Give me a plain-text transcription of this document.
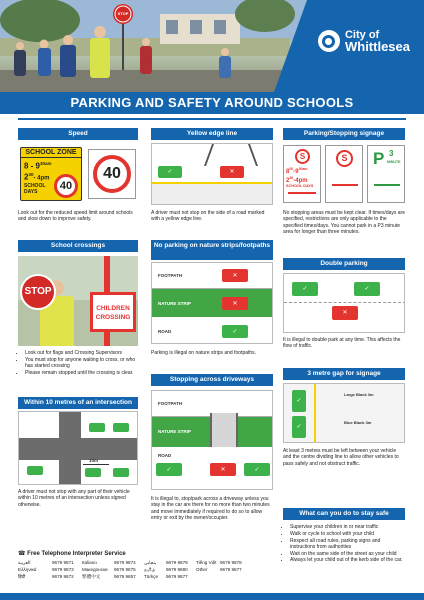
STOP
City of
Whittlesea
PARKING AND SAFETY AROUND SCHOOLS
Speed
SCHOOL ZONE
$8 - 9^{30am}$
$2^{30}-$ 4pm
SCHOOL DAYS	40
40
Look out for the reduced speed limit around schools and slow down to improve safety.
School crossings
STOP
CHILDREN
CROSSING
• Look out for flags and Crossing Supervisors
• You must stop for anyone waiting to cross, or who has started crossing
• Please remain stopped until the crossing is clear.
Within 10 metres of an intersection
10m
A driver must not stop with any part of their vehicle within 10 metres of an intersection unless signed otherwise.
Yellow edge line
✓	✕
A driver must not stop on the side of a road marked with a yellow edge line.
No parking on nature strips/footpaths
FOOTPATH
NATURE STRIP
ROAD
✕
✕
✓
Parking is illegal on nature strips and footpaths.
Stopping across driveways
FOOTPATH
NATURE STRIP
ROAD
✓	✕	✓
It is illegal to, stop/park across a driveway unless you stay in the car are there for no more than two minutes and move immediately if required to do so to allow entry or exit by the owner/occupier.
Parking/Stopping signage
S
$8^{00}-9^{30am}$
$2^{30}-4pm$
SCHOOL DAYS
S	P 3
MINUTE
No stopping areas must be kept clear. If times/days are specified, restrictions are only applicable to the specified times/days. You cannot park in a P3 minute area for longer than three minutes.
Double parking
✓	✓
✕
It is illegal to double park at any time. This affects the flow of traffic.
3 metre gap for signage
✓
✓
Large Black 3m
Blue Black 3m
At least 3 metres must be left between your vehicle and the centre dividing line to allow other vehicles to pass safely and not obstruct traffic.
What can you do to stay safe
• Supervise your children in or near traffic
• Walk or cycle to school with your child
• Respect all road rules, parking signs and instructions from authorities
• Wait on the same side of the street as your child
• Always let your child out of the kerb side of the car.
☎ Free Telephone Interpreter Service
العربية	9679 9871	Italiano	9679 9874	پنجابی	9679 9879	Tiếng Việt	9679 9878
Ελληνικά	9679 9873	Македонски	9679 9875	தமிழ்	9679 9880	Other	9679 9877
हिंदी	9679 9872	繁體中文	9679 9857	Türkçe	9679 9877		
